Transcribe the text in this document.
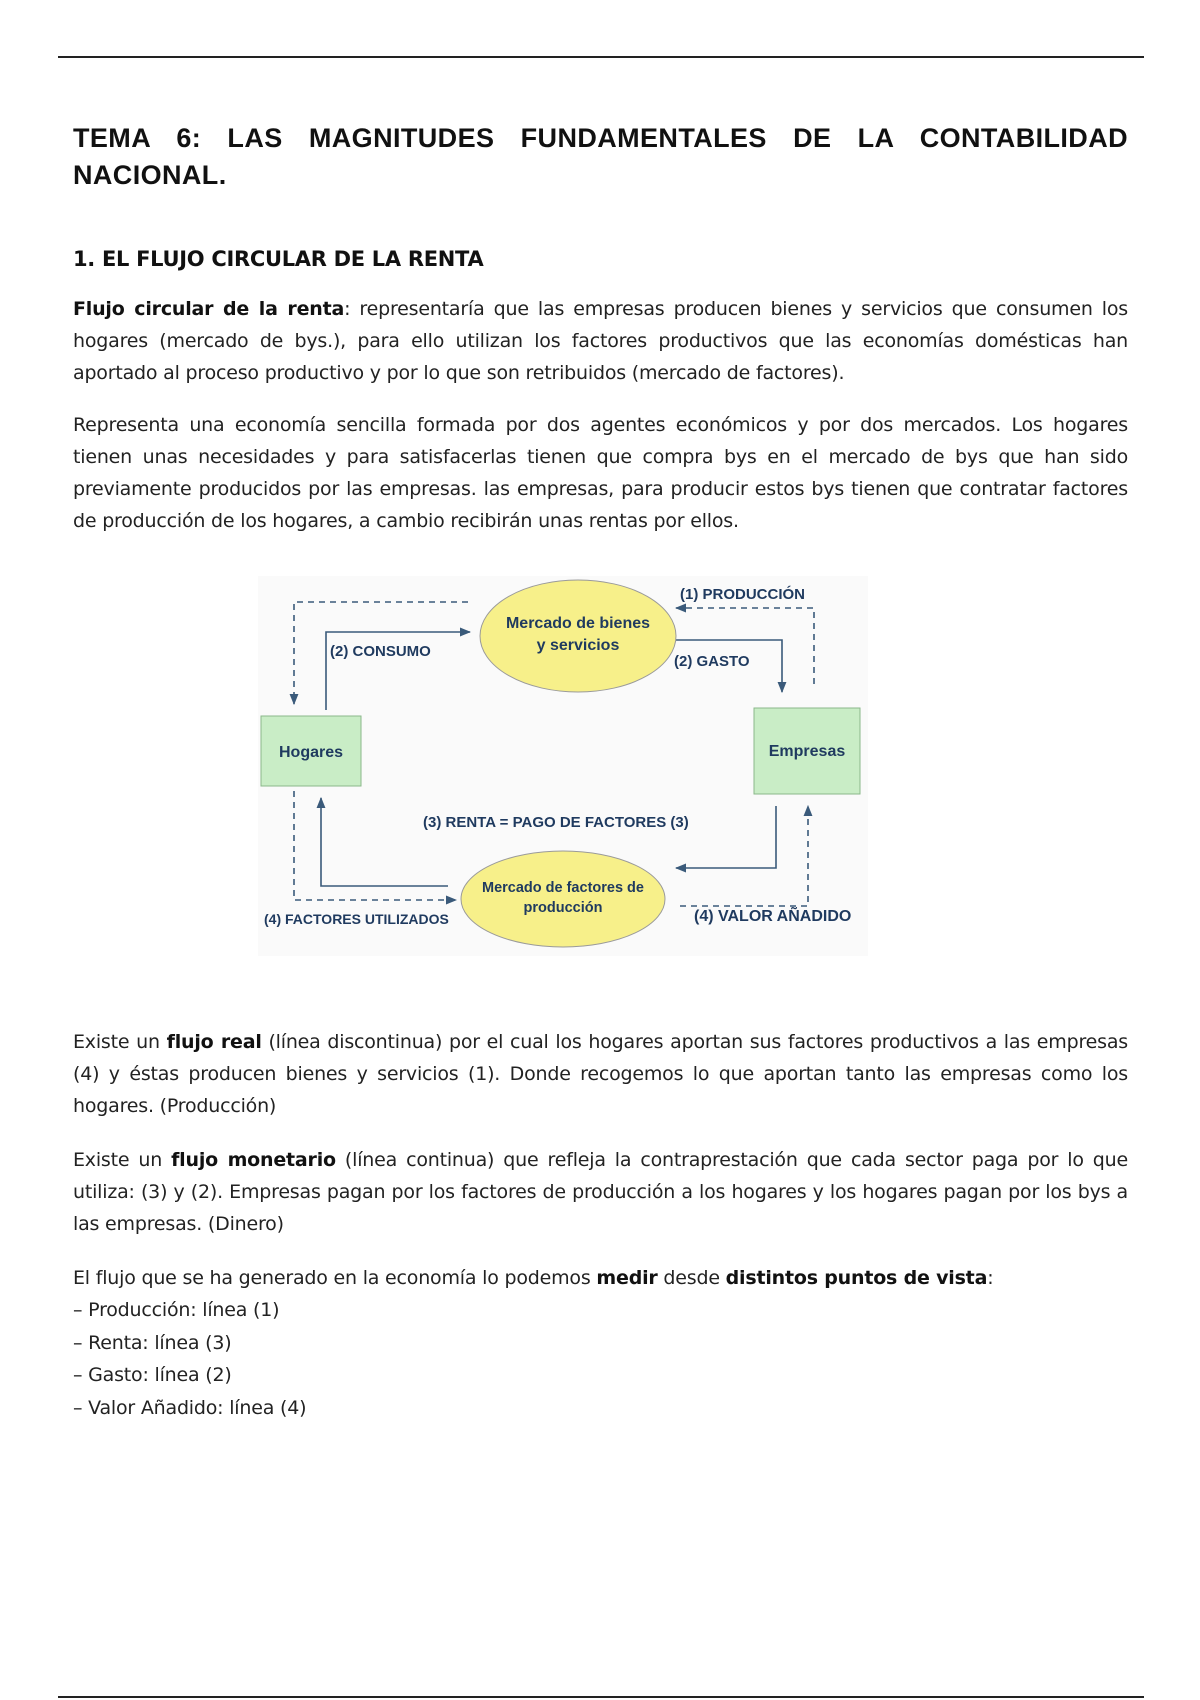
TEMA 6: LAS MAGNITUDES FUNDAMENTALES DE LA CONTABILIDAD NACIONAL.
1. EL FLUJO CIRCULAR DE LA RENTA

Flujo circular de la renta: representaría que las empresas producen bienes y servicios que consumen los hogares (mercado de bys.), para ello utilizan los factores productivos que las economías domésticas han aportado al proceso productivo y por lo que son retribuidos (mercado de factores).

Representa una economía sencilla formada por dos agentes económicos y por dos mercados. Los hogares tienen unas necesidades y para satisfacerlas tienen que compra bys en el mercado de bys que han sido previamente producidos por las empresas. las empresas, para producir estos bys tienen que contratar factores de producción de los hogares, a cambio recibirán unas rentas por ellos.

Existe un flujo real (línea discontinua) por el cual los hogares aportan sus factores productivos a las empresas (4) y éstas producen bienes y servicios (1). Donde recogemos lo que aportan tanto las empresas como los hogares. (Producción)

Existe un flujo monetario (línea continua) que refleja la contraprestación que cada sector paga por lo que utiliza: (3) y (2). Empresas pagan por los factores de producción a los hogares y los hogares pagan por los bys a las empresas. (Dinero)

El flujo que se ha generado en la economía lo podemos medir desde distintos puntos de vista:

– Producción: línea (1)
– Renta: línea (3)
– Gasto: línea (2)
– Valor Añadido: línea (4)
Mercado de bienes
y servicios
Mercado de factores de
producción
Hogares	Empresas
(1) PRODUCCIÓN
(2) CONSUMO
(2) GASTO
(3) RENTA = PAGO DE FACTORES (3)
(4) FACTORES UTILIZADOS	(4) VALOR AÑADIDO
